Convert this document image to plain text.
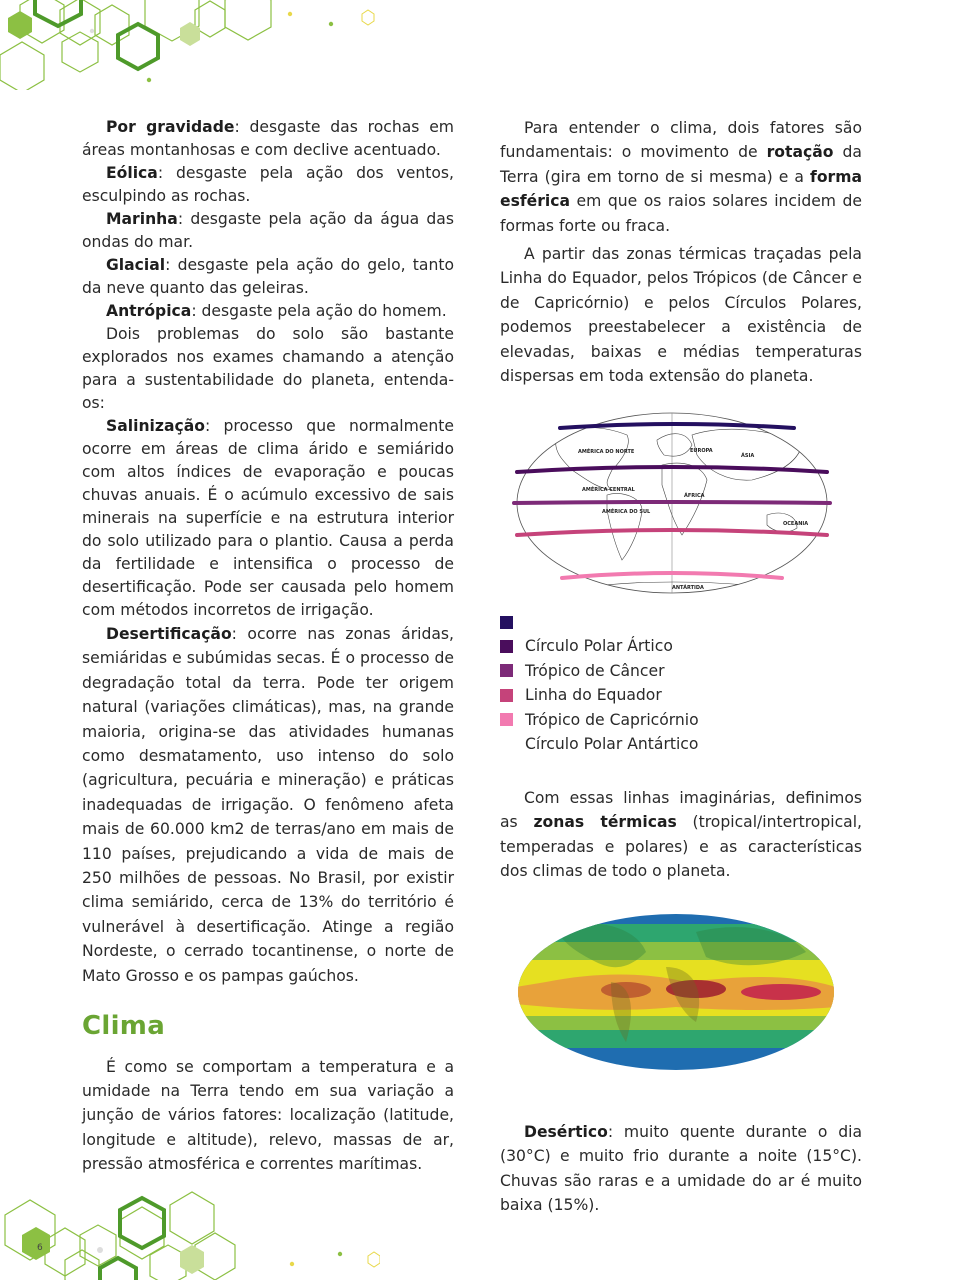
6

Por gravidade: desgaste das rochas em áreas montanhosas e com declive acentuado.

Eólica: desgaste pela ação dos ventos, esculpindo as rochas.

Marinha: desgaste pela ação da água das ondas do mar.

Glacial: desgaste pela ação do gelo, tanto da neve quanto das geleiras.

Antrópica: desgaste pela ação do homem.

Dois problemas do solo são bastante explorados nos exames chamando a atenção para a sustentabilidade do planeta, entenda-os:

Salinização: processo que normalmente ocorre em áreas de clima árido e semiárido com altos índices de evaporação e poucas chuvas anuais. É o acúmulo excessivo de sais minerais na superfície e na estrutura interior do solo utilizado para o plantio. Causa a perda da fertilidade e intensifica o processo de desertificação. Pode ser causada pelo homem com métodos incorretos de irrigação.

Desertificação: ocorre nas zonas áridas, semiáridas e subúmidas secas. É o processo de degradação total da terra. Pode ter origem natural (variações climáticas), mas, na grande maioria, origina-se das atividades humanas como desmatamento, uso intenso do solo (agricultura, pecuária e mineração) e práticas inadequadas de irrigação. O fenômeno afeta mais de 60.000 km2 de terras/ano em mais de 110 países, prejudicando a vida de mais de 250 milhões de pessoas. No Brasil, por existir clima semiárido, cerca de 13% do território é vulnerável à desertificação. Atinge a região Nordeste, o cerrado tocantinense, o norte de Mato Grosso e os pampas gaúchos.

Clima

É como se comportam a temperatura e a umidade na Terra tendo em sua variação a junção de vários fatores: localização (latitude, longitude e altitude), relevo, massas de ar, pressão atmosférica e correntes marítimas.

Para entender o clima, dois fatores são fundamentais: o movimento de rotação da Terra (gira em torno de si mesma) e a forma esférica em que os raios solares incidem de formas forte ou fraca.

A partir das zonas térmicas traçadas pela Linha do Equador, pelos Trópicos (de Câncer e de Capricórnio) e pelos Círculos Polares, podemos preestabelecer a existência de elevadas, baixas e médias temperaturas dispersas em toda extensão do planeta.

AMÉRICA DO NORTE	EUROPA
ÁSIA
AMÉRICA CENTRAL
ÁFRICA
AMÉRICA DO SUL
OCEANIA
ANTÁRTIDA
Círculo Polar Ártico
Trópico de Câncer
Linha do Equador
Trópico de Capricórnio
Círculo Polar Antártico

Com essas linhas imaginárias, definimos as zonas térmicas (tropical/intertropical, temperadas e polares) e as características dos climas de todo o planeta.

Desértico: muito quente durante o dia (30°C) e muito frio durante a noite (15°C). Chuvas são raras e a umidade do ar é muito baixa (15%).
